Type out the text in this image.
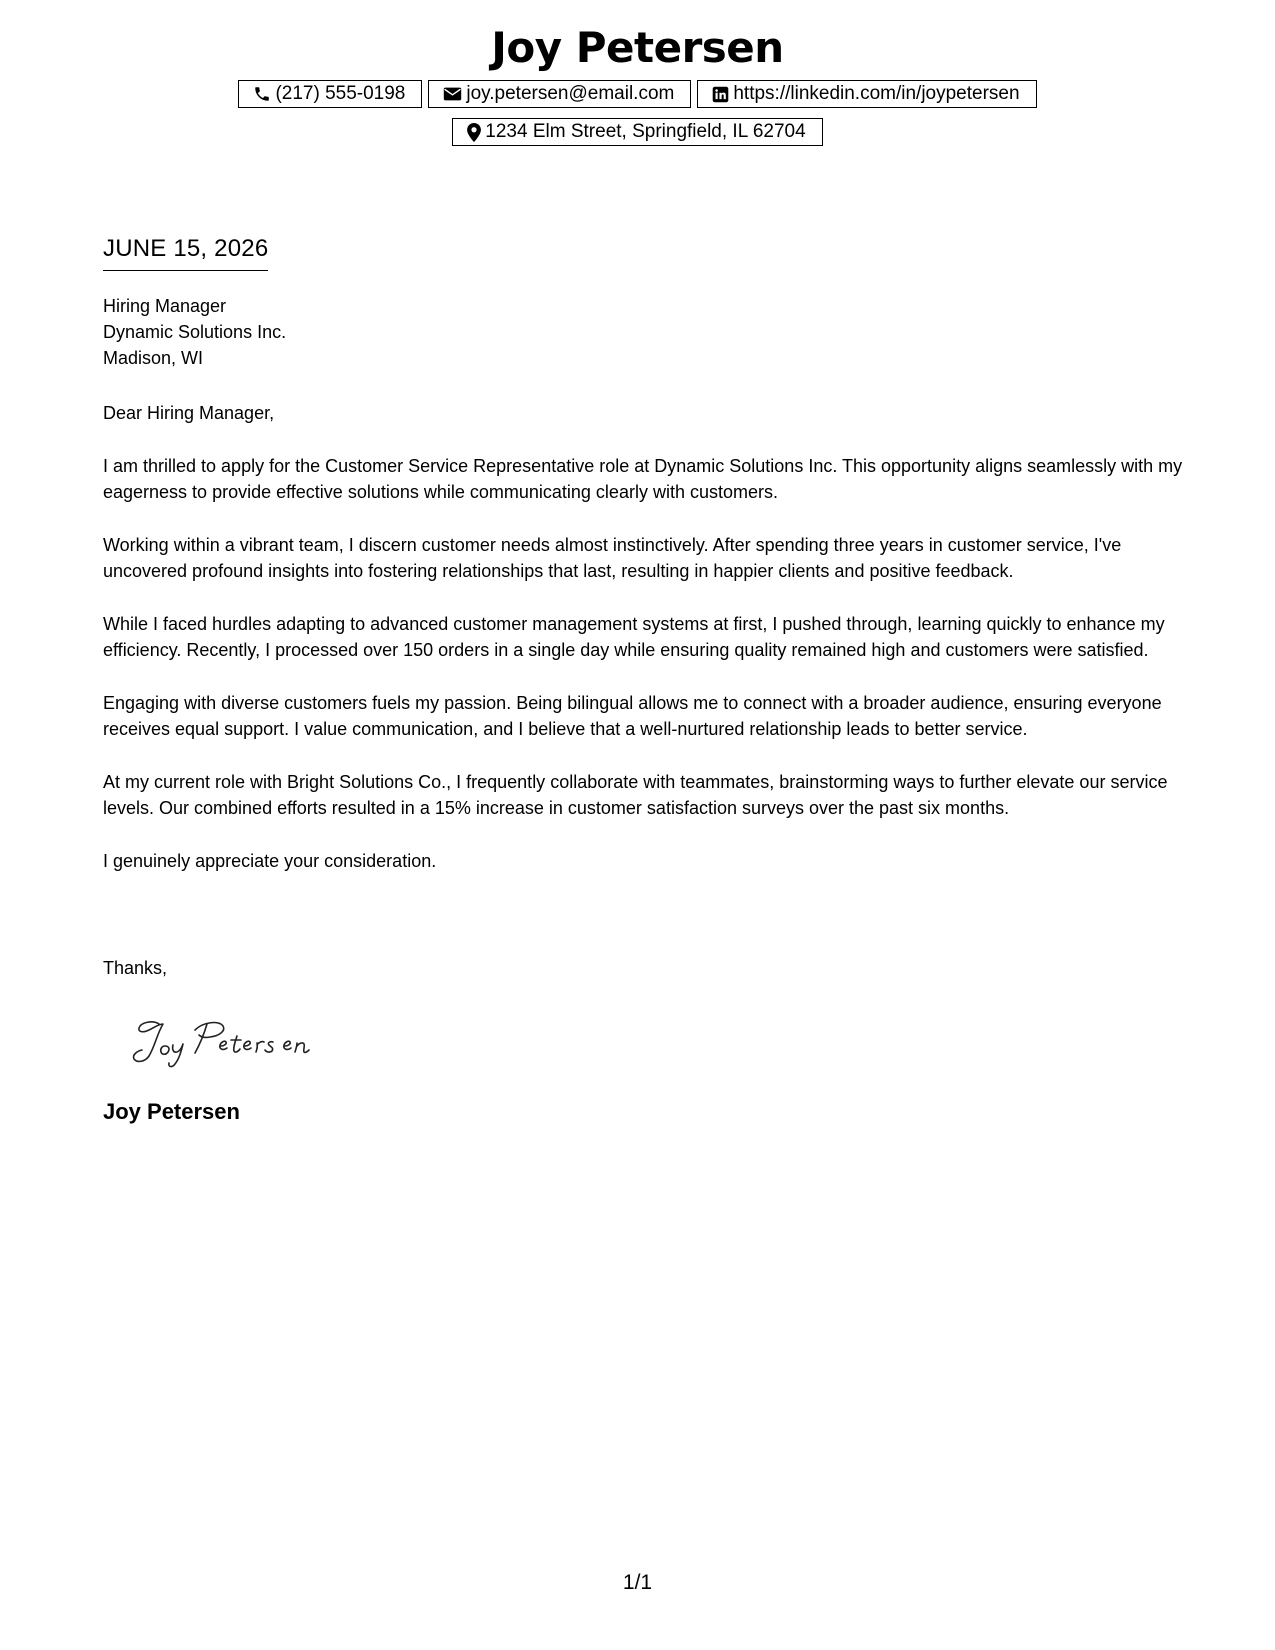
Joy Petersen
(217) 555-0198	joy.petersen@email.com	https://linkedin.com/in/joypetersen
1234 Elm Street, Springfield, IL 62704
JUNE 15, 2026
Hiring Manager
Dynamic Solutions Inc.
Madison, WI

Dear Hiring Manager,

I am thrilled to apply for the Customer Service Representative role at Dynamic Solutions Inc. This opportunity aligns seamlessly with my eagerness to provide effective solutions while communicating clearly with customers.

Working within a vibrant team, I discern customer needs almost instinctively. After spending three years in customer service, I've uncovered profound insights into fostering relationships that last, resulting in happier clients and positive feedback.

While I faced hurdles adapting to advanced customer management systems at first, I pushed through, learning quickly to enhance my efficiency. Recently, I processed over 150 orders in a single day while ensuring quality remained high and customers were satisfied.

Engaging with diverse customers fuels my passion. Being bilingual allows me to connect with a broader audience, ensuring everyone receives equal support. I value communication, and I believe that a well-nurtured relationship leads to better service.

At my current role with Bright Solutions Co., I frequently collaborate with teammates, brainstorming ways to further elevate our service levels. Our combined efforts resulted in a 15% increase in customer satisfaction surveys over the past six months.

I genuinely appreciate your consideration.

Thanks,
Joy Petersen
1/1
